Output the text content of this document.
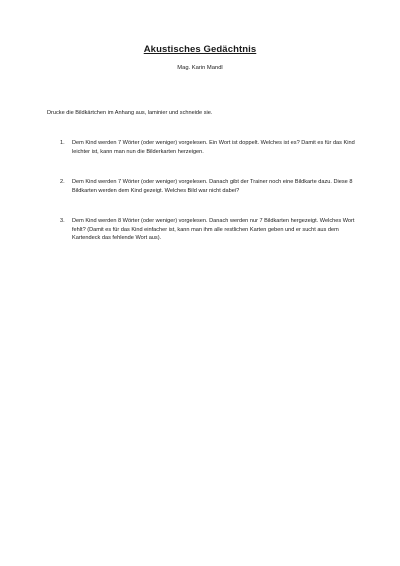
Akustisches Gedächtnis
Mag. Karin Mandl
Drucke die Bildkärtchen im Anhang aus, laminier und schneide sie.
1. Dem Kind werden 7 Wörter (oder weniger) vorgelesen. Ein Wort ist doppelt. Welches ist es? Damit es für das Kind leichter ist, kann man nun die Bilderkarten herzeigen.
2. Dem Kind werden 7 Wörter (oder weniger) vorgelesen. Danach gibt der Trainer noch eine Bildkarte dazu. Diese 8 Bildkarten werden dem Kind gezeigt. Welches Bild war nicht dabei?
3. Dem Kind werden 8 Wörter (oder weniger) vorgelesen. Danach werden nur 7 Bildkarten hergezeigt. Welches Wort fehlt? (Damit es für das Kind einfacher ist, kann man ihm alle restlichen Karten geben und er sucht aus dem Kartendeck das fehlende Wort aus).
